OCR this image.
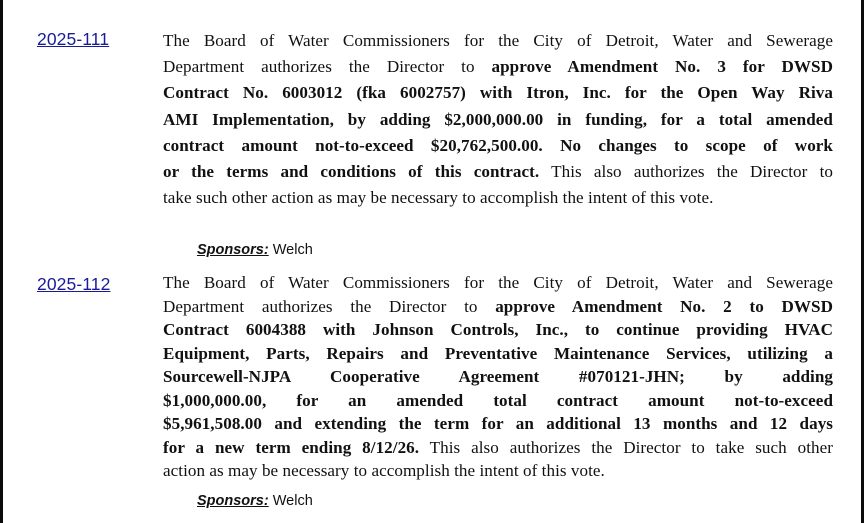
2025-111	The Board of Water Commissioners for the City of Detroit, Water and Sewerage
Department authorizes the Director to approve Amendment No. 3 for DWSD
Contract No. 6003012 (fka 6002757) with Itron, Inc. for the Open Way Riva
AMI Implementation, by adding $2,000,000.00 in funding, for a total amended
contract amount not-to-exceed $20,762,500.00. No changes to scope of work
or the terms and conditions of this contract. This also authorizes the Director to
take such other action as may be necessary to accomplish the intent of this vote.
Sponsors: Welch
2025-112	The Board of Water Commissioners for the City of Detroit, Water and Sewerage
Department authorizes the Director to approve Amendment No. 2 to DWSD
Contract 6004388 with Johnson Controls, Inc., to continue providing HVAC
Equipment, Parts, Repairs and Preventative Maintenance Services, utilizing a
Sourcewell-NJPA Cooperative Agreement #070121-JHN; by adding
$1,000,000.00, for an amended total contract amount not-to-exceed
$5,961,508.00 and extending the term for an additional 13 months and 12 days
for a new term ending 8/12/26. This also authorizes the Director to take such other
action as may be necessary to accomplish the intent of this vote.
Sponsors: Welch
